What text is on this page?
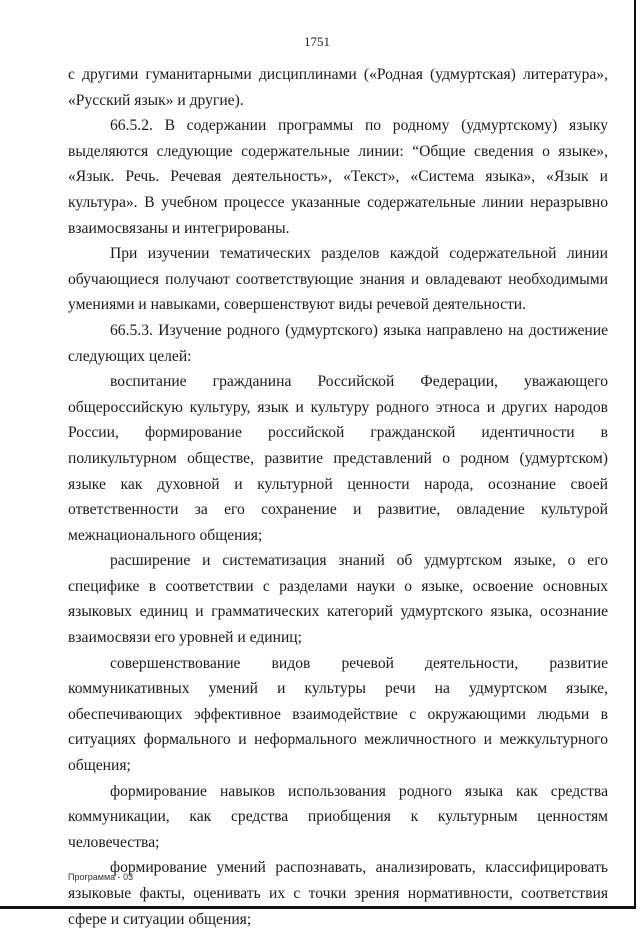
1751

с другими гуманитарными дисциплинами («Родная (удмуртская) литература», «Русский язык» и другие).

66.5.2. В содержании программы по родному (удмуртскому) языку выделяются следующие содержательные линии: “Общие сведения о языке», «Язык. Речь. Речевая деятельность», «Текст», «Система языка», «Язык и культура». В учебном процессе указанные содержательные линии неразрывно взаимосвязаны и интегрированы.

При изучении тематических разделов каждой содержательной линии обучающиеся получают соответствующие знания и овладевают необходимыми умениями и навыками, совершенствуют виды речевой деятельности.

66.5.3. Изучение родного (удмуртского) языка направлено на достижение следующих целей:

воспитание гражданина Российской Федерации, уважающего общероссийскую культуру, язык и культуру родного этноса и других народов России, формирование российской гражданской идентичности в поликультурном обществе, развитие представлений о родном (удмуртском) языке как духовной и культурной ценности народа, осознание своей ответственности за его сохранение и развитие, овладение культурой межнационального общения;

расширение и систематизация знаний об удмуртском языке, о его специфике в соответствии с разделами науки о языке, освоение основных языковых единиц и грамматических категорий удмуртского языка, осознание взаимосвязи его уровней и единиц;

совершенствование видов речевой деятельности, развитие коммуникативных умений и культуры речи на удмуртском языке, обеспечивающих эффективное взаимодействие с окружающими людьми в ситуациях формального и неформального межличностного и межкультурного общения;

формирование навыков использования родного языка как средства коммуникации, как средства приобщения к культурным ценностям человечества;

формирование умений распознавать, анализировать, классифицировать языковые факты, оценивать их с точки зрения нормативности, соответствия сфере и ситуации общения;

Программа - 03
